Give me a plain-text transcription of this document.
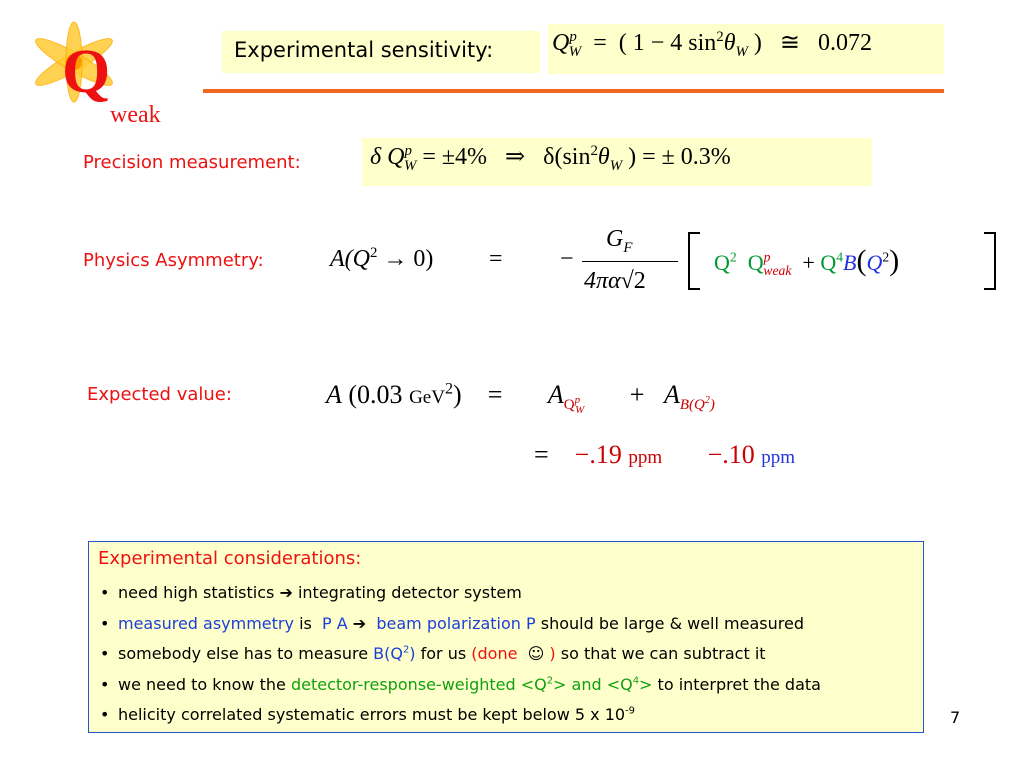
Q
weak
Experimental sensitivity: $Q^p_W$ = ( 1 − 4 $\sin^2\theta_W$ ) ≅ 0.072
Precision measurement:	δ $Q^p_W = \pm 4\%$ ⇒ $\delta(\sin^2\theta_W$ ) = ± 0.3%
Physics Asymmetry:	$A(Q^2 \to 0)$ = −
$G_F$
4πα√2
$Q^2$ $Q^p_{weak} + Q^4B(Q^2)$
Expected value:	A (0.03 $GeV^2) = A_{Q^p_W}$       + $A_{B(Q^2)}$
= −.19 ppm −.10 ppm
Experimental considerations:
• need high statistics ➔ integrating detector system
• measured asymmetry is P A ➔ beam polarization P should be large & well measured
• somebody else has to measure $B(Q^2)$ for us (done ☺ ) so that we can subtract it
• we need to know the detector-response-weighted $<Q^2>$ and $<Q^4>$ to interpret the data
• helicity correlated systematic errors must be kept below 5 x $10^{-9}$	7
